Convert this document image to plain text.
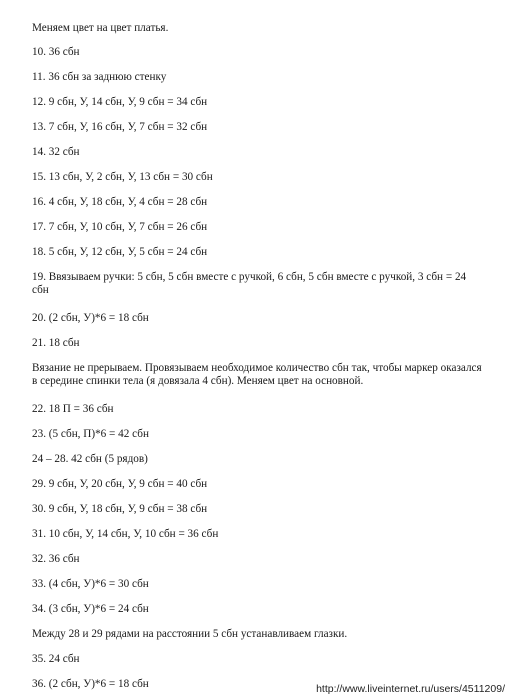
Меняем цвет на цвет платья.
10. 36 сбн
11. 36 сбн за заднюю стенку
12. 9 сбн, У, 14 сбн, У, 9 сбн = 34 сбн
13. 7 сбн, У, 16 сбн, У, 7 сбн = 32 сбн
14. 32 сбн
15. 13 сбн, У, 2 сбн, У, 13 сбн = 30 сбн
16. 4 сбн, У, 18 сбн, У, 4 сбн = 28 сбн
17. 7 сбн, У, 10 сбн, У, 7 сбн = 26 сбн
18. 5 сбн, У, 12 сбн, У, 5 сбн = 24 сбн
19. Ввязываем ручки: 5 сбн, 5 сбн вместе с ручкой, 6 сбн, 5 сбн вместе с ручкой, 3 сбн = 24 сбн
20. (2 сбн, У)*6 = 18 сбн
21. 18 сбн
Вязание не прерываем. Провязываем необходимое количество сбн так, чтобы маркер оказался в середине спинки тела (я довязала 4 сбн). Меняем цвет на основной.
22. 18 П = 36 сбн
23. (5 сбн, П)*6 = 42 сбн
24 – 28. 42 сбн (5 рядов)
29. 9 сбн, У, 20 сбн, У, 9 сбн = 40 сбн
30. 9 сбн, У, 18 сбн, У, 9 сбн = 38 сбн
31. 10 сбн, У, 14 сбн, У, 10 сбн = 36 сбн
32. 36 сбн
33. (4 сбн, У)*6 = 30 сбн
34. (3 сбн, У)*6 = 24 сбн
Между 28 и 29 рядами на расстоянии 5 сбн устанавливаем глазки.
35. 24 сбн
36. (2 сбн, У)*6 = 18 сбн	http://www.liveinternet.ru/users/4511209/
